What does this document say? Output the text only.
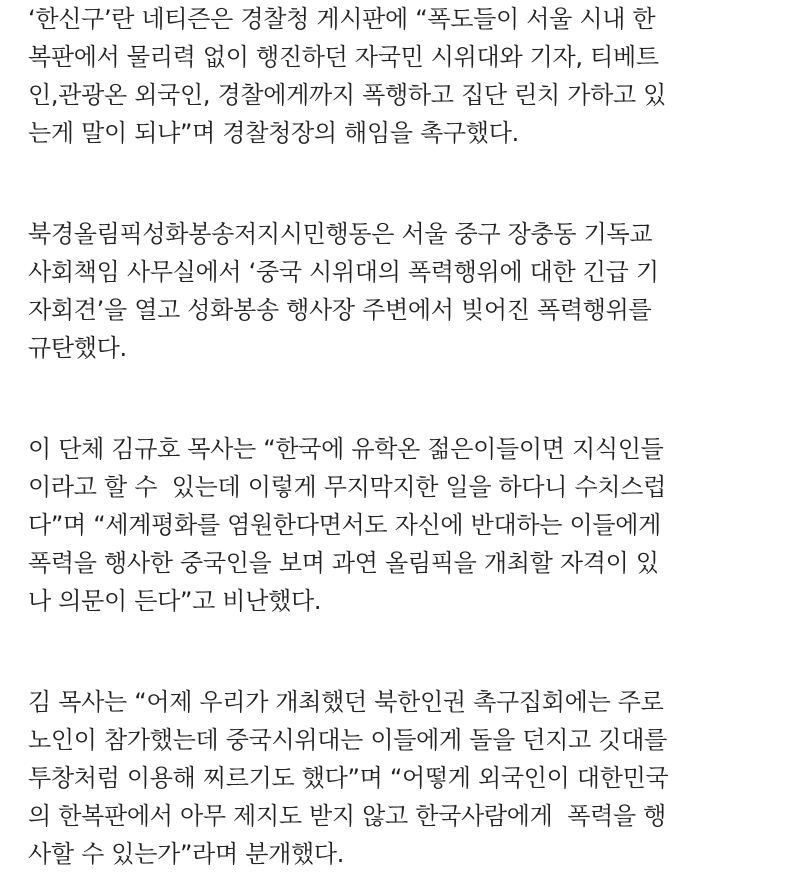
‘한신구’란 네티즌은 경찰청 게시판에 “폭도들이 서울 시내 한
복판에서 물리력 없이 행진하던 자국민 시위대와 기자, 티베트
인,관광온 외국인, 경찰에게까지 폭행하고 집단 린치 가하고 있
는게 말이 되냐”며 경찰청장의 해임을 촉구했다.
북경올림픽성화봉송저지시민행동은 서울 중구 장충동 기독교
사회책임 사무실에서 ‘중국 시위대의 폭력행위에 대한 긴급 기
자회견’을 열고 성화봉송 행사장 주변에서 빚어진 폭력행위를
규탄했다.
이 단체 김규호 목사는 “한국에 유학온 젊은이들이면 지식인들
이라고 할 수  있는데 이렇게 무지막지한 일을 하다니 수치스럽
다”며 “세계평화를 염원한다면서도 자신에 반대하는 이들에게
폭력을 행사한 중국인을 보며 과연 올림픽을 개최할 자격이 있
나 의문이 든다”고 비난했다.
김 목사는 “어제 우리가 개최했던 북한인권 촉구집회에는 주로
노인이 참가했는데 중국시위대는 이들에게 돌을 던지고 깃대를
투창처럼 이용해 찌르기도 했다”며 “어떻게 외국인이 대한민국
의 한복판에서 아무 제지도 받지 않고 한국사람에게  폭력을 행
사할 수 있는가”라며 분개했다.
